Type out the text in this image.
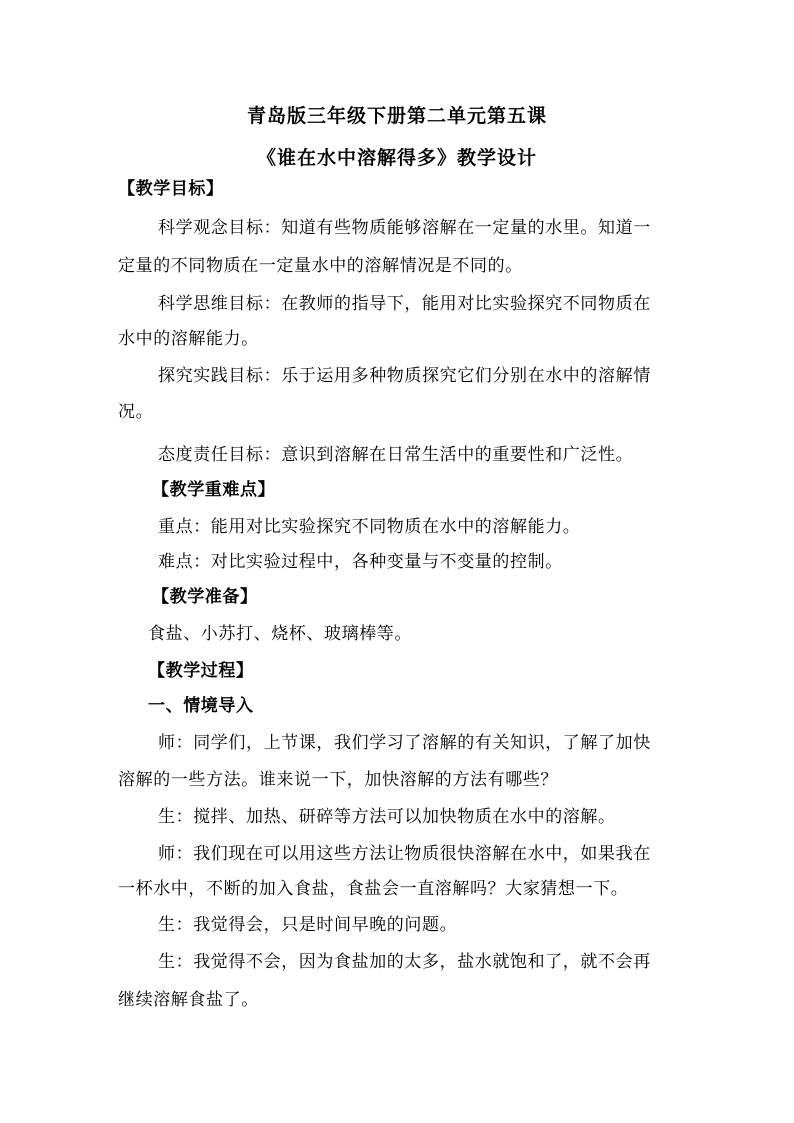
青岛版三年级下册第二单元第五课
《谁在水中溶解得多》教学设计
【教学目标】
科学观念目标：知道有些物质能够溶解在一定量的水里。知道一
定量的不同物质在一定量水中的溶解情况是不同的。
科学思维目标：在教师的指导下，能用对比实验探究不同物质在
水中的溶解能力。
探究实践目标：乐于运用多种物质探究它们分别在水中的溶解情
况。
态度责任目标：意识到溶解在日常生活中的重要性和广泛性。
【教学重难点】
重点：能用对比实验探究不同物质在水中的溶解能力。
难点：对比实验过程中，各种变量与不变量的控制。
【教学准备】
食盐、小苏打、烧杯、玻璃棒等。
【教学过程】
一、情境导入
师：同学们，上节课，我们学习了溶解的有关知识，了解了加快
溶解的一些方法。谁来说一下，加快溶解的方法有哪些？
生：搅拌、加热、研碎等方法可以加快物质在水中的溶解。
师：我们现在可以用这些方法让物质很快溶解在水中，如果我在
一杯水中，不断的加入食盐，食盐会一直溶解吗？大家猜想一下。
生：我觉得会，只是时间早晚的问题。
生：我觉得不会，因为食盐加的太多，盐水就饱和了，就不会再
继续溶解食盐了。
